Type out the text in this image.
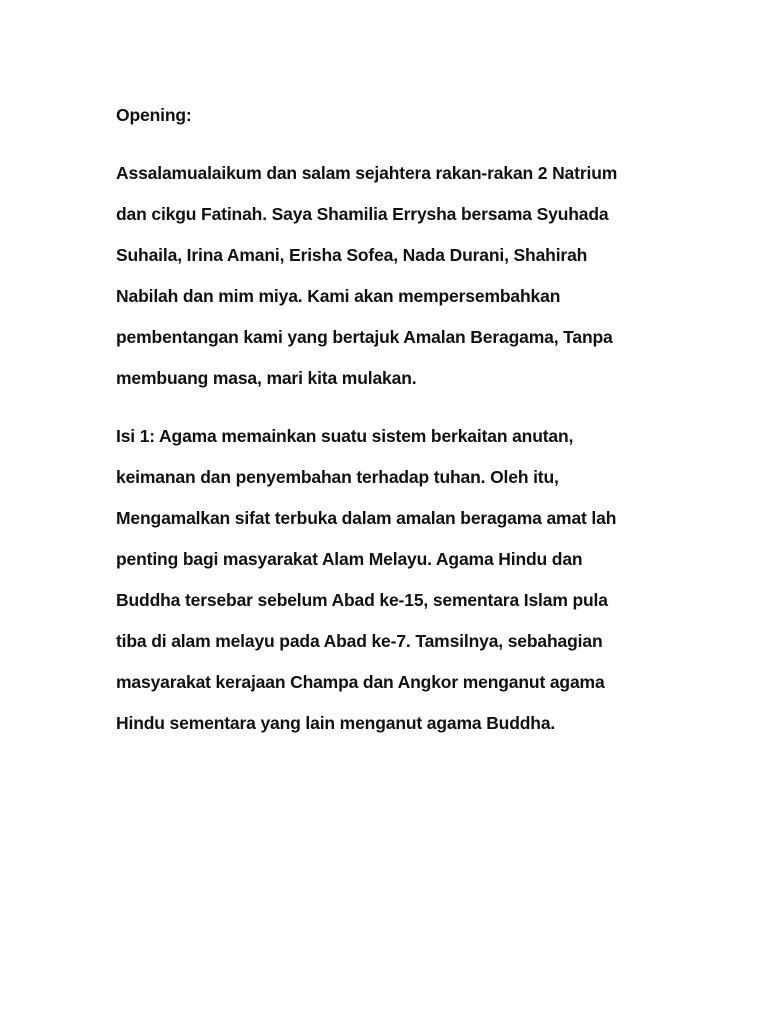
Opening:

Assalamualaikum dan salam sejahtera rakan-rakan 2 Natrium

dan cikgu Fatinah. Saya Shamilia Errysha bersama Syuhada

Suhaila, Irina Amani, Erisha Sofea, Nada Durani, Shahirah

Nabilah dan mim miya. Kami akan mempersembahkan

pembentangan kami yang bertajuk Amalan Beragama, Tanpa

membuang masa, mari kita mulakan.

Isi 1: Agama memainkan suatu sistem berkaitan anutan,

keimanan dan penyembahan terhadap tuhan. Oleh itu,

Mengamalkan sifat terbuka dalam amalan beragama amat lah

penting bagi masyarakat Alam Melayu. Agama Hindu dan

Buddha tersebar sebelum Abad ke-15, sementara Islam pula

tiba di alam melayu pada Abad ke-7. Tamsilnya, sebahagian

masyarakat kerajaan Champa dan Angkor menganut agama

Hindu sementara yang lain menganut agama Buddha.
